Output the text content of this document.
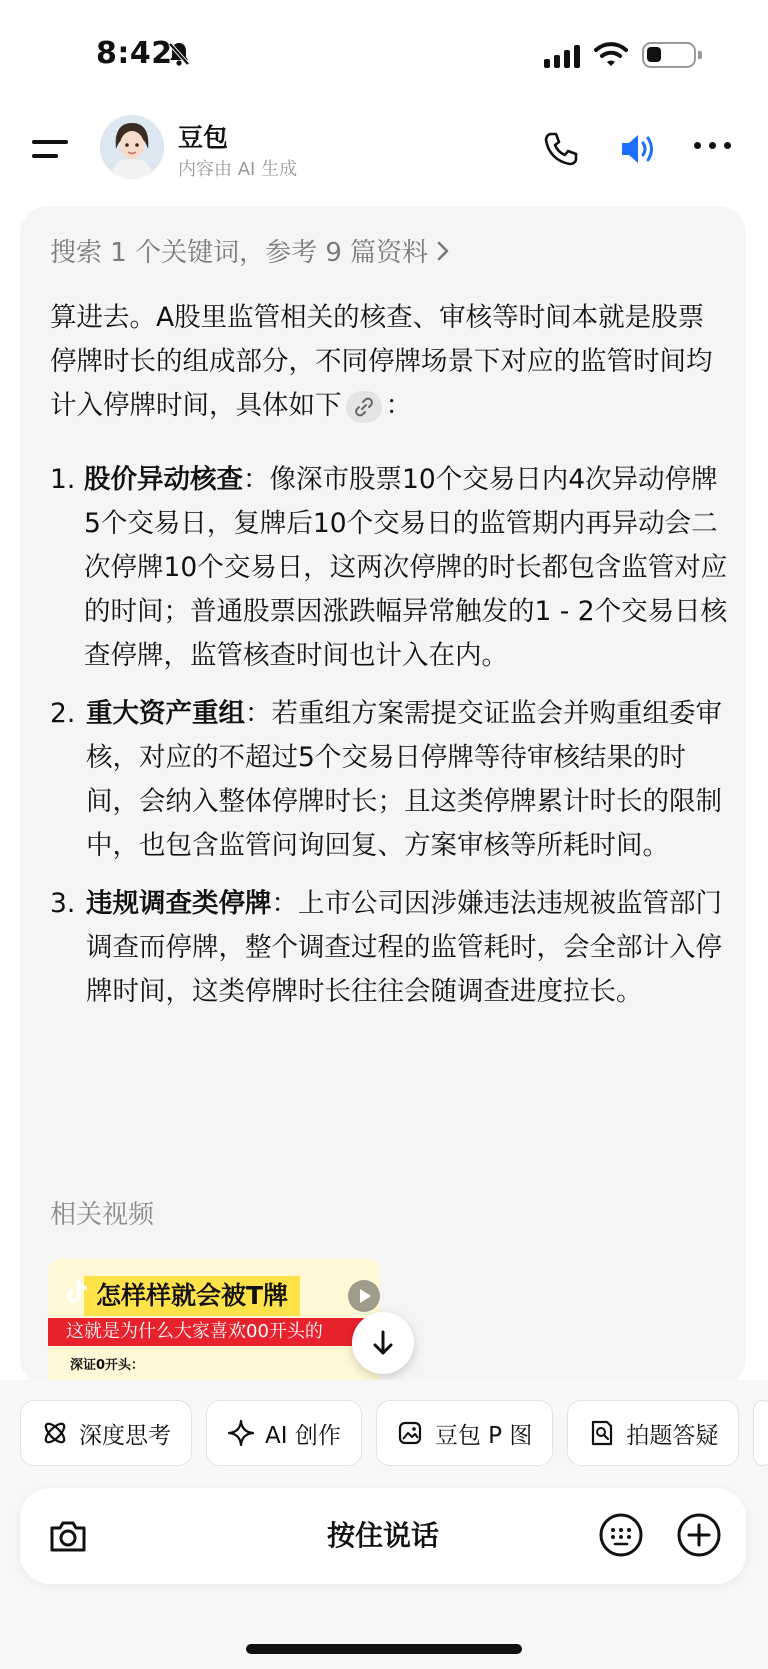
8:42
豆包
内容由 AI 生成
搜索 1 个关键词，参考 9 篇资料
算进去。A股里监管相关的核查、审核等时间本就是股票停牌时长的组成部分，不同停牌场景下对应的监管时间均计入停牌时间，具体如下 ：
1. 股价异动核查：像深市股票10个交易日内4次异动停牌5个交易日，复牌后10个交易日的监管期内再异动会二次停牌10个交易日，这两次停牌的时长都包含监管对应的时间；普通股票因涨跌幅异常触发的1 - 2个交易日核查停牌，监管核查时间也计入在内。
2. 重大资产重组：若重组方案需提交证监会并购重组委审核，对应的不超过5个交易日停牌等待审核结果的时间，会纳入整体停牌时长；且这类停牌累计时长的限制中，也包含监管问询回复、方案审核等所耗时间。
3. 违规调查类停牌：上市公司因涉嫌违法违规被监管部门调查而停牌，整个调查过程的监管耗时，会全部计入停牌时间，这类停牌时长往往会随调查进度拉长。
相关视频
怎样样就会被T牌
这就是为什么大家喜欢00开头的
深证0开头：
深度思考	AI 创作	豆包 P 图	拍题答疑
按住说话
